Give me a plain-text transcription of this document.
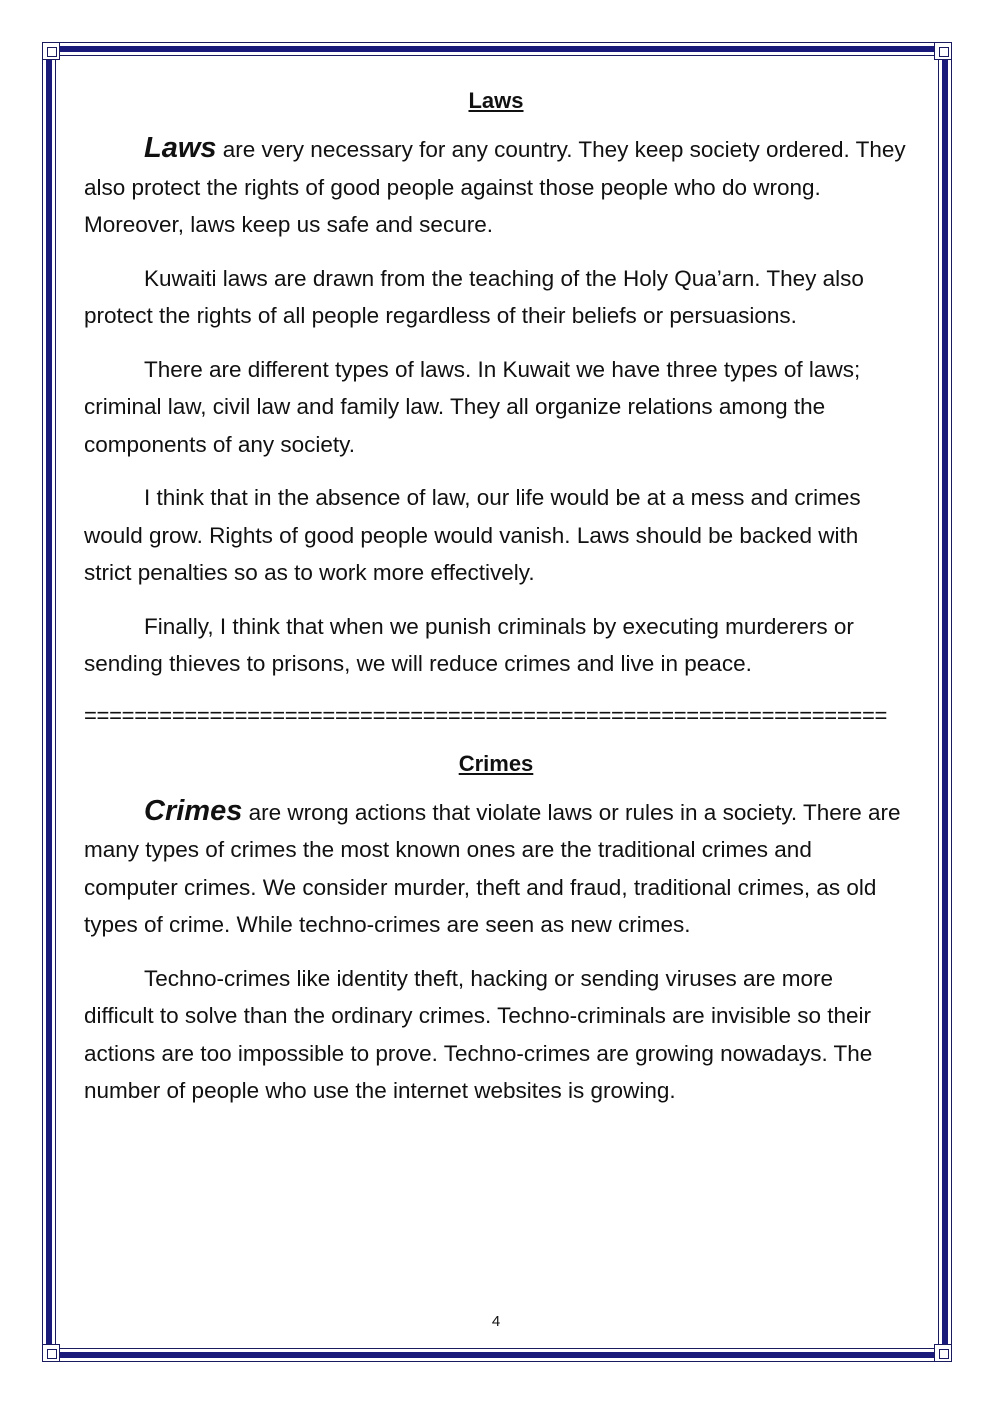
Laws

Laws are very necessary for any country. They keep society ordered. They also protect the rights of good people against those people who do wrong. Moreover, laws keep us safe and secure.

Kuwaiti laws are drawn from the teaching of the Holy Qua’arn. They also protect the rights of all people regardless of their beliefs or persuasions.

There are different types of laws. In Kuwait we have three types of laws; criminal law, civil law and family law. They all organize relations among the components of any society.

I think that in the absence of law, our life would be at a mess and crimes would grow. Rights of good people would vanish. Laws should be backed with strict penalties so as to work more effectively.

Finally, I think that when we punish criminals by executing murderers or sending thieves to prisons, we will reduce crimes and live in peace.

================================================================
Crimes

Crimes are wrong actions that violate laws or rules in a society. There are many types of crimes the most known ones are the traditional crimes and computer crimes. We consider murder, theft and fraud, traditional crimes, as old types of crime. While techno-crimes are seen as new crimes.

Techno-crimes like identity theft, hacking or sending viruses are more difficult to solve than the ordinary crimes. Techno-criminals are invisible so their actions are too impossible to prove. Techno-crimes are growing nowadays. The number of people who use the internet websites is growing.

4
